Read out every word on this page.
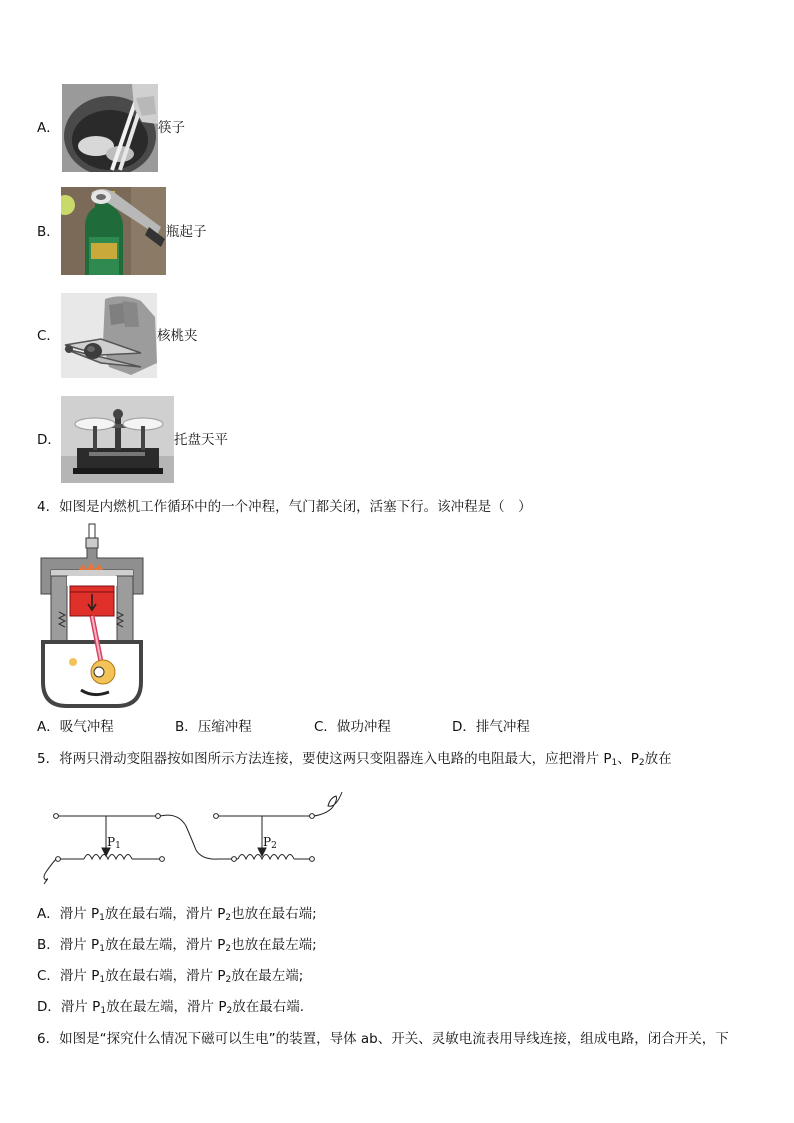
A．	筷子
B．	瓶起子
C．	核桃夹
D．	托盘天平
4．如图是内燃机工作循环中的一个冲程，气门都关闭，活塞下行。该冲程是（　）
A．吸气冲程	B．压缩冲程	C．做功冲程	D．排气冲程
5．将两只滑动变阻器按如图所示方法连接，要使这两只变阻器连入电路的电阻最大，应把滑片 $P_1$、$P_2$放在
$P_1$	$P_2$
A．滑片 $P_1$放在最右端，滑片 $P_2$也放在最右端;
B．滑片 $P_1$放在最左端，滑片 $P_2$也放在最左端;
C．滑片 $P_1$放在最右端，滑片 $P_2$放在最左端;
D．滑片 $P_1$放在最左端，滑片 $P_2$放在最右端.
6．如图是“探究什么情况下磁可以生电”的装置，导体 ab、开关、灵敏电流表用导线连接，组成电路，闭合开关，下
